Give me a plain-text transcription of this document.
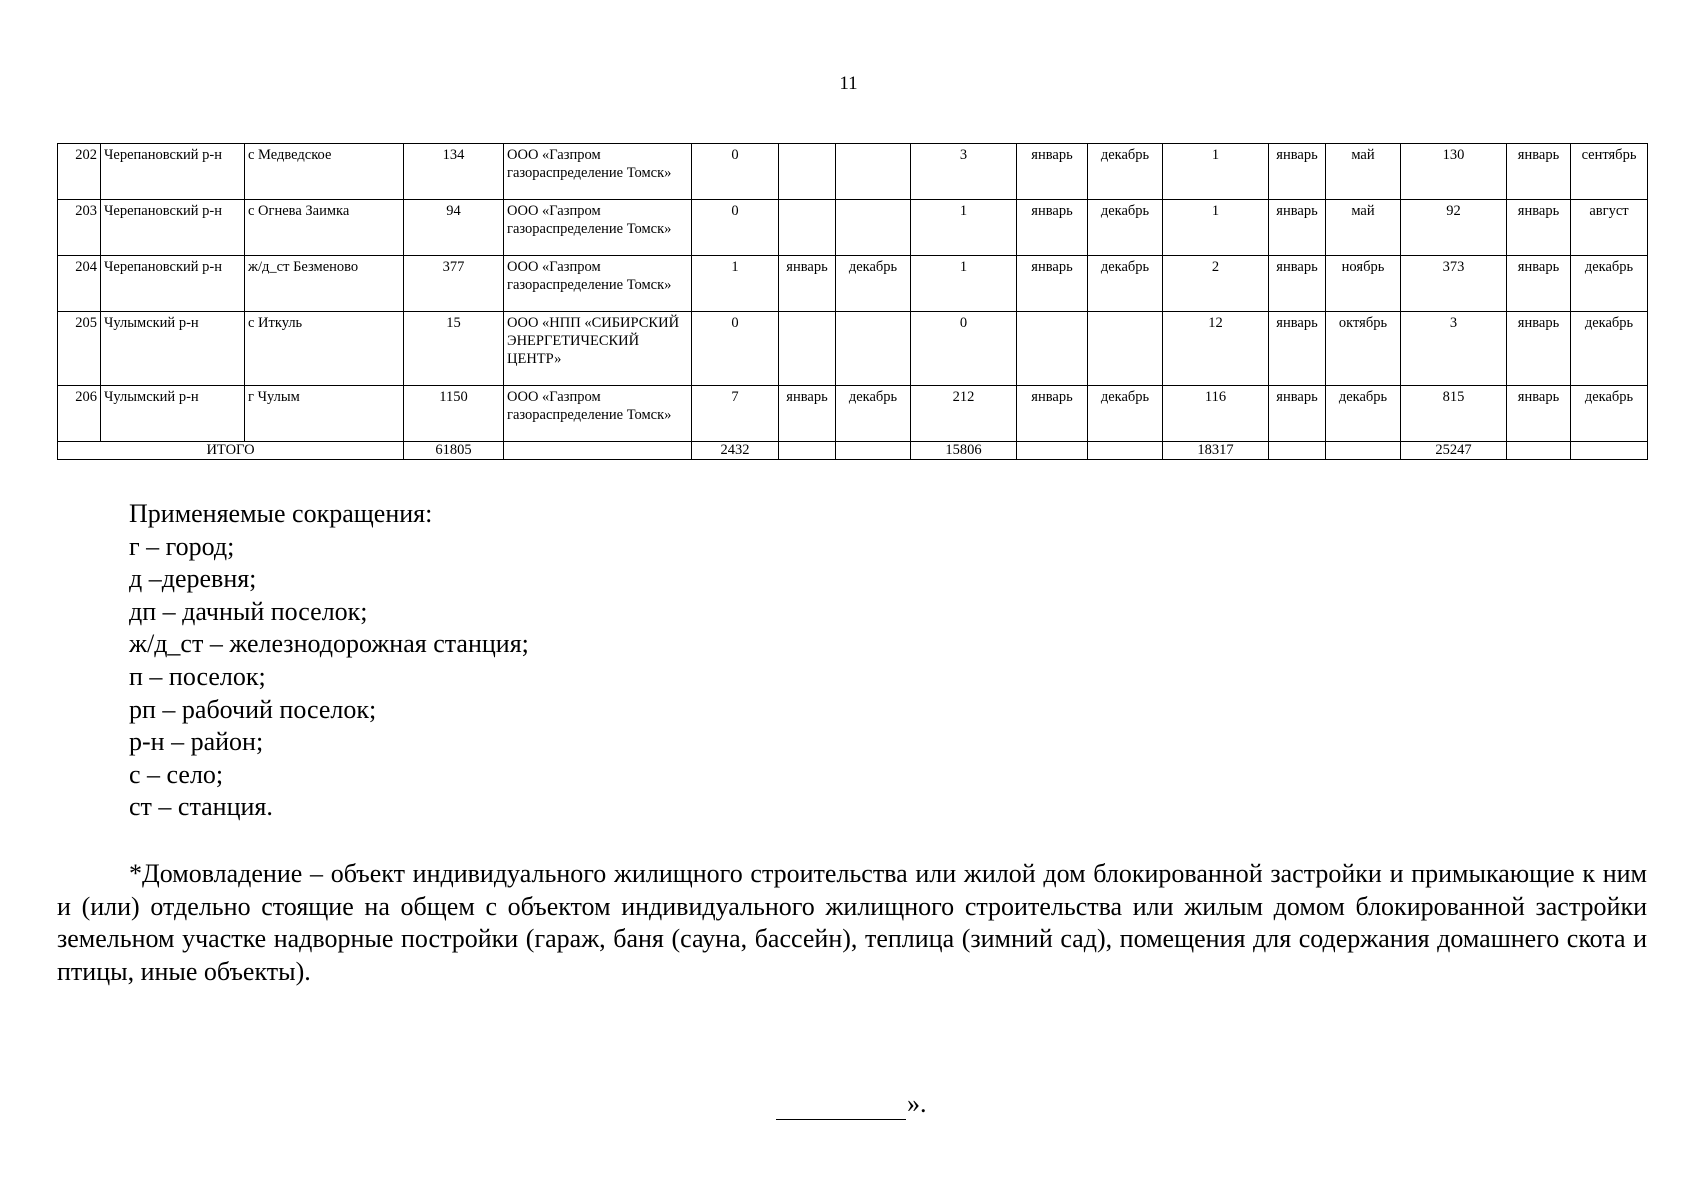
11
202	Черепановский р-н	с Медведское	134	ООО «Газпром газораспределение Томск»	0			3	январь	декабрь	1	январь	май	130	январь	сентябрь
203	Черепановский р-н	с Огнева Заимка	94	ООО «Газпром газораспределение Томск»	0			1	январь	декабрь	1	январь	май	92	январь	август
204	Черепановский р-н	ж/д_ст Безменово	377	ООО «Газпром газораспределение Томск»	1	январь	декабрь	1	январь	декабрь	2	январь	ноябрь	373	январь	декабрь
205	Чулымский р-н	с Иткуль	15	ООО «НПП «СИБИРСКИЙ ЭНЕРГЕТИЧЕСКИЙ ЦЕНТР»	0			0			12	январь	октябрь	3	январь	декабрь
206	Чулымский р-н	г Чулым	1150	ООО «Газпром газораспределение Томск»	7	январь	декабрь	212	январь	декабрь	116	январь	декабрь	815	январь	декабрь
ИТОГО			61805		2432			15806			18317			25247		
Применяемые сокращения:
г – город;
д –деревня;
дп – дачный поселок;
ж/д_ст – железнодорожная станция;
п – поселок;
рп – рабочий поселок;
р-н – район;
с – село;
ст – станция.
*Домовладение – объект индивидуального жилищного строительства или жилой дом блокированной застройки и примыкающие к ним и (или) отдельно стоящие на общем с объектом индивидуального жилищного строительства или жилым домом блокированной застройки земельном участке надворные постройки (гараж, баня (сауна, бассейн), теплица (зимний сад), помещения для содержания домашнего скота и птицы, иные объекты).
».
